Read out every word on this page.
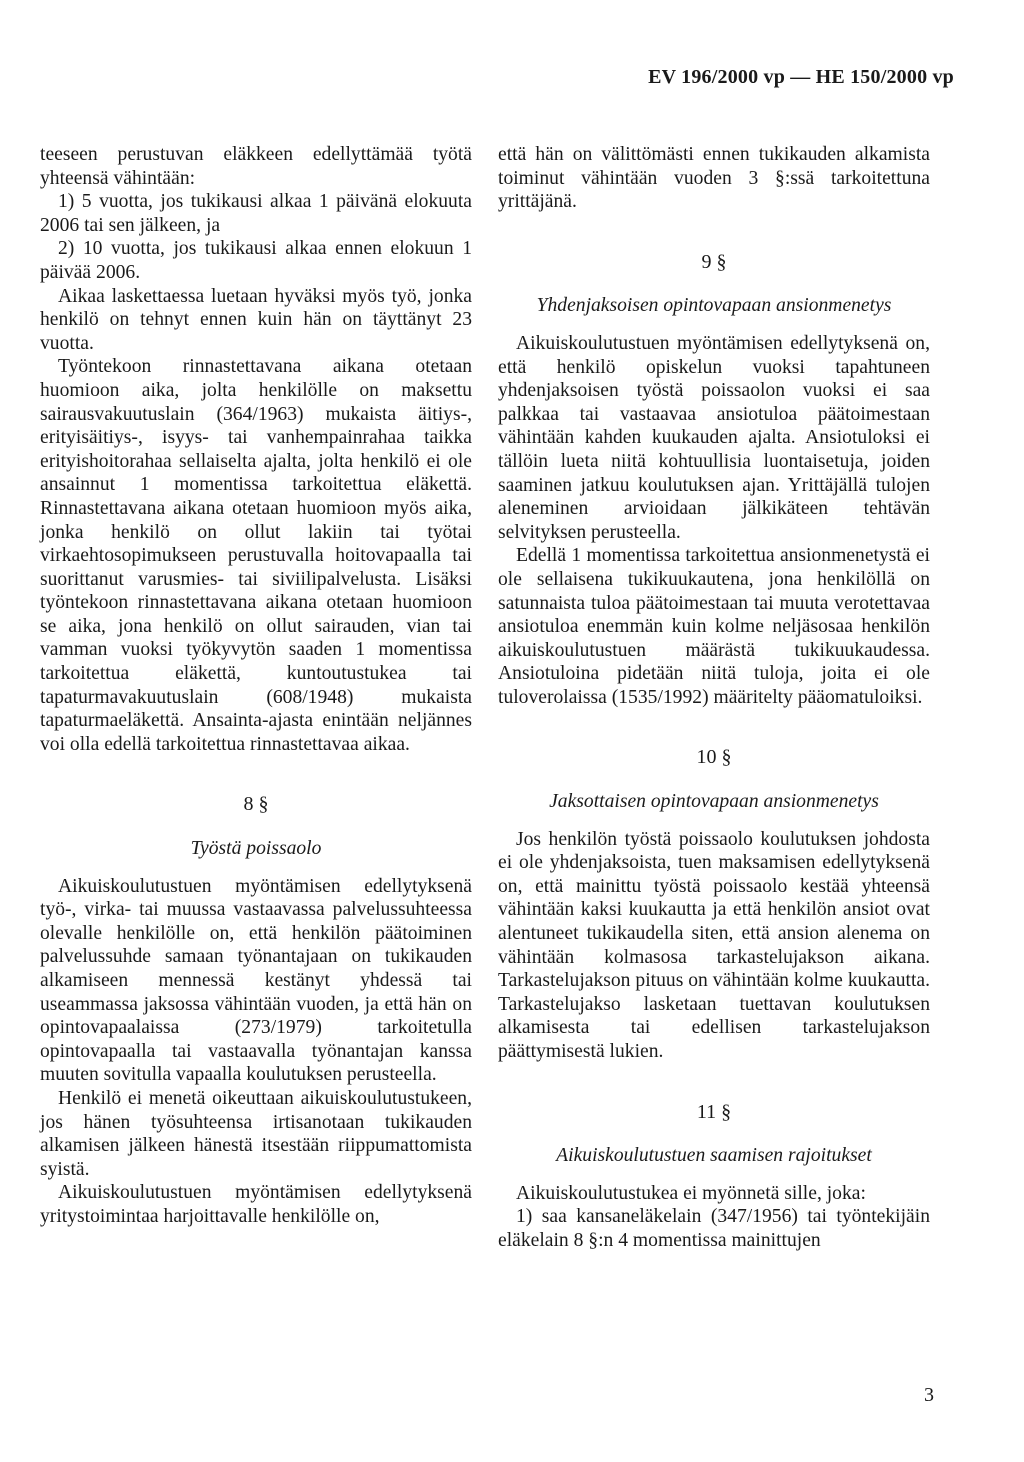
EV 196/2000 vp — HE 150/2000 vp

teeseen perustuvan eläkkeen edellyttämää työtä yhteensä vähintään:

1) 5 vuotta, jos tukikausi alkaa 1 päivänä elokuuta 2006 tai sen jälkeen, ja

2) 10 vuotta, jos tukikausi alkaa ennen elokuun 1 päivää 2006.

Aikaa laskettaessa luetaan hyväksi myös työ, jonka henkilö on tehnyt ennen kuin hän on täyttänyt 23 vuotta.

Työntekoon rinnastettavana aikana otetaan huomioon aika, jolta henkilölle on maksettu sairausvakuutuslain (364/1963) mukaista äitiys-, erityisäitiys-, isyys- tai vanhempainrahaa taikka erityishoitorahaa sellaiselta ajalta, jolta henkilö ei ole ansainnut 1 momentissa tarkoitettua eläkettä. Rinnastettavana aikana otetaan huomioon myös aika, jonka henkilö on ollut lakiin tai työtai virkaehtosopimukseen perustuvalla hoitovapaalla tai suorittanut varusmies- tai siviilipalvelusta. Lisäksi työntekoon rinnastettavana aikana otetaan huomioon se aika, jona henkilö on ollut sairauden, vian tai vamman vuoksi työkyvytön saaden 1 momentissa tarkoitettua eläkettä, kuntoutustukea tai tapaturmavakuutuslain (608/1948) mukaista tapaturmaeläkettä. Ansainta-ajasta enintään neljännes voi olla edellä tarkoitettua rinnastettavaa aikaa.

8 §

Työstä poissaolo

Aikuiskoulutustuen myöntämisen edellytyksenä työ-, virka- tai muussa vastaavassa palvelussuhteessa olevalle henkilölle on, että henkilön päätoiminen palvelussuhde samaan työnantajaan on tukikauden alkamiseen mennessä kestänyt yhdessä tai useammassa jaksossa vähintään vuoden, ja että hän on opintovapaalaissa (273/1979) tarkoitetulla opintovapaalla tai vastaavalla työnantajan kanssa muuten sovitulla vapaalla koulutuksen perusteella.

Henkilö ei menetä oikeuttaan aikuiskoulutustukeen, jos hänen työsuhteensa irtisanotaan tukikauden alkamisen jälkeen hänestä itsestään riippumattomista syistä.

Aikuiskoulutustuen myöntämisen edellytyksenä yritystoimintaa harjoittavalle henkilölle on,

että hän on välittömästi ennen tukikauden alkamista toiminut vähintään vuoden 3 §:ssä tarkoitettuna yrittäjänä.

9 §

Yhdenjaksoisen opintovapaan ansionmenetys

Aikuiskoulutustuen myöntämisen edellytyksenä on, että henkilö opiskelun vuoksi tapahtuneen yhdenjaksoisen työstä poissaolon vuoksi ei saa palkkaa tai vastaavaa ansiotuloa päätoimestaan vähintään kahden kuukauden ajalta. Ansiotuloksi ei tällöin lueta niitä kohtuullisia luontaisetuja, joiden saaminen jatkuu koulutuksen ajan. Yrittäjällä tulojen aleneminen arvioidaan jälkikäteen tehtävän selvityksen perusteella.

Edellä 1 momentissa tarkoitettua ansionmenetystä ei ole sellaisena tukikuukautena, jona henkilöllä on satunnaista tuloa päätoimestaan tai muuta verotettavaa ansiotuloa enemmän kuin kolme neljäsosaa henkilön aikuiskoulutustuen määrästä tukikuukaudessa. Ansiotuloina pidetään niitä tuloja, joita ei ole tuloverolaissa (1535/1992) määritelty pääomatuloiksi.

10 §

Jaksottaisen opintovapaan ansionmenetys

Jos henkilön työstä poissaolo koulutuksen johdosta ei ole yhdenjaksoista, tuen maksamisen edellytyksenä on, että mainittu työstä poissaolo kestää yhteensä vähintään kaksi kuukautta ja että henkilön ansiot ovat alentuneet tukikaudella siten, että ansion alenema on vähintään kolmasosa tarkastelujakson aikana. Tarkastelujakson pituus on vähintään kolme kuukautta. Tarkastelujakso lasketaan tuettavan koulutuksen alkamisesta tai edellisen tarkastelujakson päättymisestä lukien.

11 §

Aikuiskoulutustuen saamisen rajoitukset

Aikuiskoulutustukea ei myönnetä sille, joka:

1) saa kansaneläkelain (347/1956) tai työntekijäin eläkelain 8 §:n 4 momentissa mainittujen

3
